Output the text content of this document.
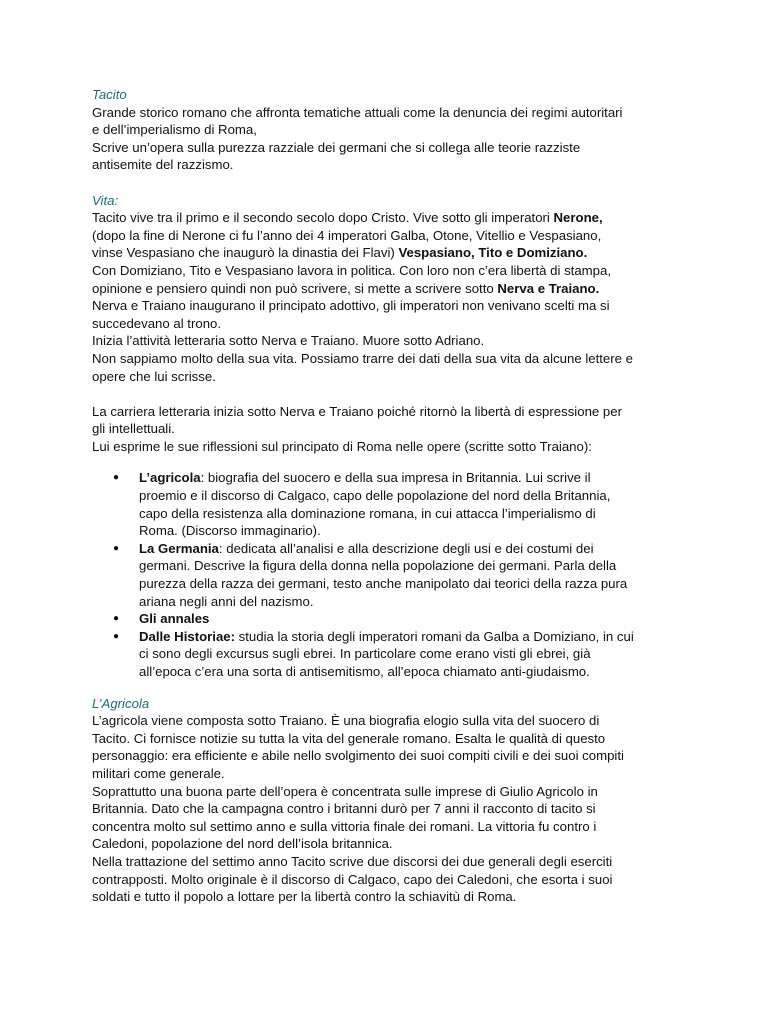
Tacito
Grande storico romano che affronta tematiche attuali come la denuncia dei regimi autoritari
e dell’imperialismo di Roma,
Scrive un’opera sulla purezza razziale dei germani che si collega alle teorie razziste
antisemite del razzismo.
Vita:
Tacito vive tra il primo e il secondo secolo dopo Cristo. Vive sotto gli imperatori Nerone,
(dopo la fine di Nerone ci fu l’anno dei 4 imperatori Galba, Otone, Vitellio e Vespasiano,
vinse Vespasiano che inaugurò la dinastia dei Flavi) Vespasiano, Tito e Domiziano.
Con Domiziano, Tito e Vespasiano lavora in politica. Con loro non c’era libertà di stampa,
opinione e pensiero quindi non può scrivere, si mette a scrivere sotto Nerva e Traiano.
Nerva e Traiano inaugurano il principato adottivo, gli imperatori non venivano scelti ma si
succedevano al trono.
Inizia l’attività letteraria sotto Nerva e Traiano. Muore sotto Adriano.
Non sappiamo molto della sua vita. Possiamo trarre dei dati della sua vita da alcune lettere e
opere che lui scrisse.
La carriera letteraria inizia sotto Nerva e Traiano poiché ritornò la libertà di espressione per
gli intellettuali.
Lui esprime le sue riflessioni sul principato di Roma nelle opere (scritte sotto Traiano):
● L’agricola: biografia del suocero e della sua impresa in Britannia. Lui scrive il
proemio e il discorso di Calgaco, capo delle popolazione del nord della Britannia,
capo della resistenza alla dominazione romana, in cui attacca l’imperialismo di
Roma. (Discorso immaginario).
● La Germania: dedicata all’analisi e alla descrizione degli usi e dei costumi dei
germani. Descrive la figura della donna nella popolazione dei germani. Parla della
purezza della razza dei germani, testo anche manipolato dai teorici della razza pura
ariana negli anni del nazismo.
● Gli annales
● Dalle Historiae: studia la storia degli imperatori romani da Galba a Domiziano, in cui
ci sono degli excursus sugli ebrei. In particolare come erano visti gli ebrei, già
all’epoca c’era una sorta di antisemitismo, all’epoca chiamato anti-giudaismo.
L’Agricola
L’agricola viene composta sotto Traiano. È una biografia elogio sulla vita del suocero di
Tacito. Ci fornisce notizie su tutta la vita del generale romano. Esalta le qualità di questo
personaggio: era efficiente e abile nello svolgimento dei suoi compiti civili e dei suoi compiti
militari come generale.
Soprattutto una buona parte dell’opera è concentrata sulle imprese di Giulio Agricolo in
Britannia. Dato che la campagna contro i britanni durò per 7 anni il racconto di tacito si
concentra molto sul settimo anno e sulla vittoria finale dei romani. La vittoria fu contro i
Caledoni, popolazione del nord dell’isola britannica.
Nella trattazione del settimo anno Tacito scrive due discorsi dei due generali degli eserciti
contrapposti. Molto originale è il discorso di Calgaco, capo dei Caledoni, che esorta i suoi
soldati e tutto il popolo a lottare per la libertà contro la schiavitù di Roma.
